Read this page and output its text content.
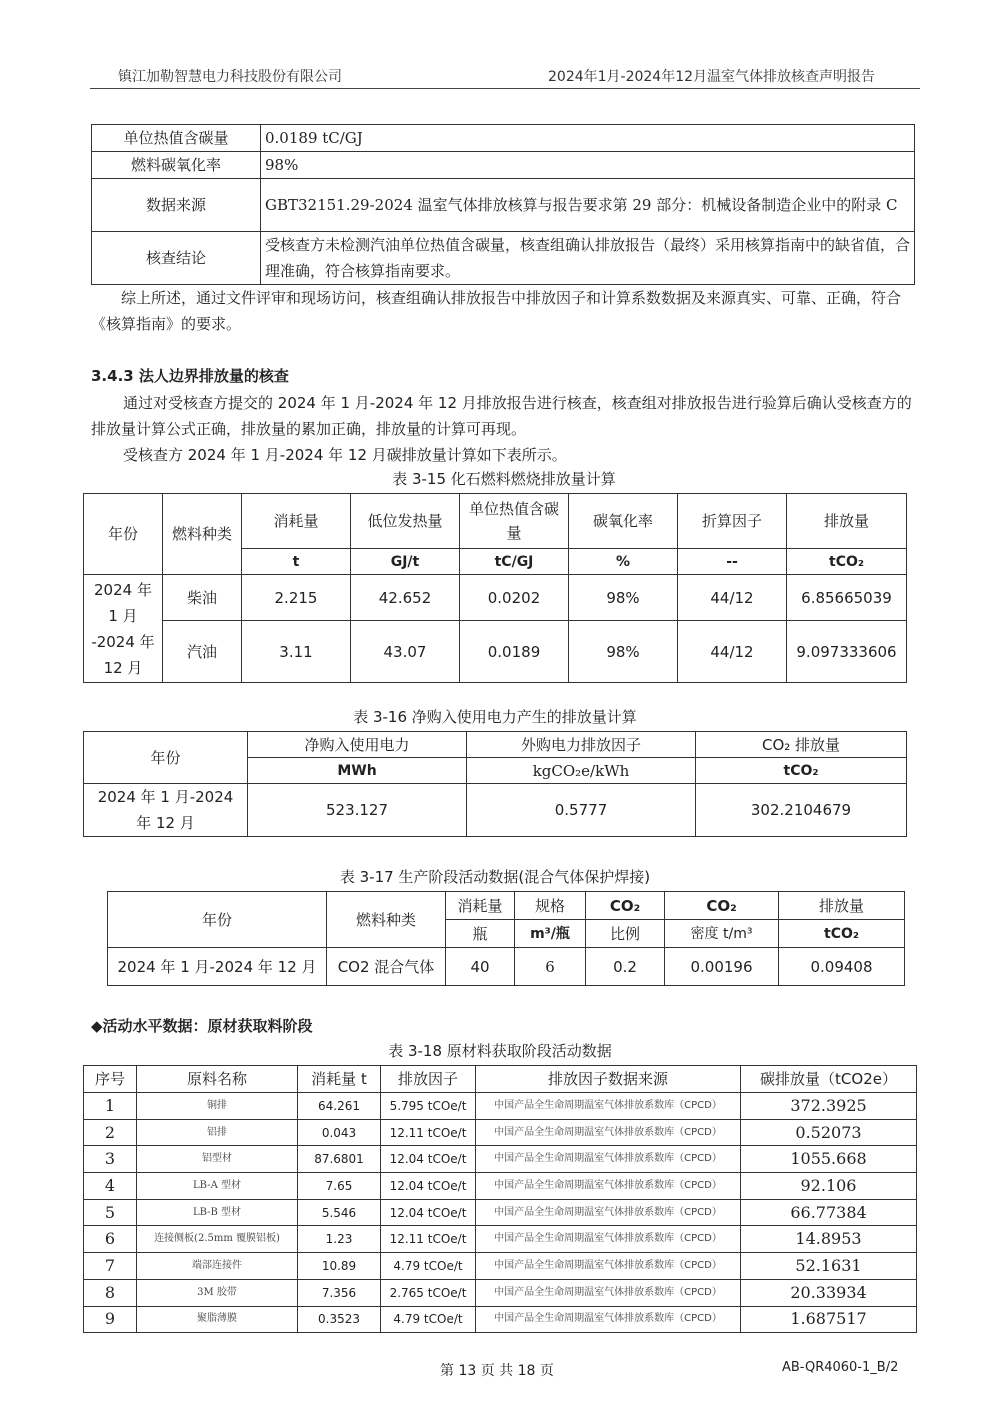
镇江加勒智慧电力科技股份有限公司	2024年1月-2024年12月温室气体排放核查声明报告
单位热值含碳量	0.0189 tC/GJ
燃料碳氧化率	98%
数据来源	GBT32151.29-2024 温室气体排放核算与报告要求第 29 部分：机械设备制造企业中的附录 C
核查结论	受核查方未检测汽油单位热值含碳量，核查组确认排放报告（最终）采用核算指南中的缺省值，合理准确，符合核算指南要求。
综上所述，通过文件评审和现场访问，核查组确认排放报告中排放因子和计算系数数据及来源真实、可靠、正确，符合《核算指南》的要求。
3.4.3 法人边界排放量的核查
通过对受核查方提交的 2024 年 1 月-2024 年 12 月排放报告进行核查，核查组对排放报告进行验算后确认受核查方的排放量计算公式正确，排放量的累加正确，排放量的计算可再现。
受核查方 2024 年 1 月-2024 年 12 月碳排放量计算如下表所示。
表 3-15 化石燃料燃烧排放量计算
年份	燃料种类	消耗量	低位发热量	单位热值含碳量	碳氧化率	折算因子	排放量
		t	GJ/t	tC/GJ	%	--	tCO₂
2024 年 1 月 -2024 年 12 月	柴油	2.215	42.652	0.0202	98%	44/12	6.85665039
	汽油	3.11	43.07	0.0189	98%	44/12	9.097333606
表 3-16 净购入使用电力产生的排放量计算
年份	净购入使用电力	外购电力排放因子	CO₂ 排放量
	MWh	kgCO₂e/kWh	tCO₂
2024 年 1 月-2024 年 12 月	523.127	0.5777	302.2104679
表 3-17 生产阶段活动数据(混合气体保护焊接)
年份	燃料种类	消耗量	规格	CO₂	CO₂	排放量
		瓶	m³/瓶	比例	密度 t/m³	tCO₂
2024 年 1 月-2024 年 12 月	CO2 混合气体	40	6	0.2	0.00196	0.09408
◆活动水平数据：原材获取料阶段
表 3-18 原材料获取阶段活动数据
序号	原料名称	消耗量 t	排放因子	排放因子数据来源	碳排放量（tCO2e）
1	铜排	64.261	5.795 tCOe/t	中国产品全生命周期温室气体排放系数库（CPCD）	372.3925
2	铝排	0.043	12.11 tCOe/t	中国产品全生命周期温室气体排放系数库（CPCD）	0.52073
3	铝型材	87.6801	12.04 tCOe/t	中国产品全生命周期温室气体排放系数库（CPCD）	1055.668
4	LB-A 型材	7.65	12.04 tCOe/t	中国产品全生命周期温室气体排放系数库（CPCD）	92.106
5	LB-B 型材	5.546	12.04 tCOe/t	中国产品全生命周期温室气体排放系数库（CPCD）	66.77384
6	连接侧板(2.5mm 覆膜铝板)	1.23	12.11 tCOe/t	中国产品全生命周期温室气体排放系数库（CPCD）	14.8953
7	端部连接件	10.89	4.79 tCOe/t	中国产品全生命周期温室气体排放系数库（CPCD）	52.1631
8	3M 胶带	7.356	2.765 tCOe/t	中国产品全生命周期温室气体排放系数库（CPCD）	20.33934
9	聚脂薄膜	0.3523	4.79 tCOe/t	中国产品全生命周期温室气体排放系数库（CPCD）	1.687517
第 13 页 共 18 页	AB-QR4060-1_B/2
